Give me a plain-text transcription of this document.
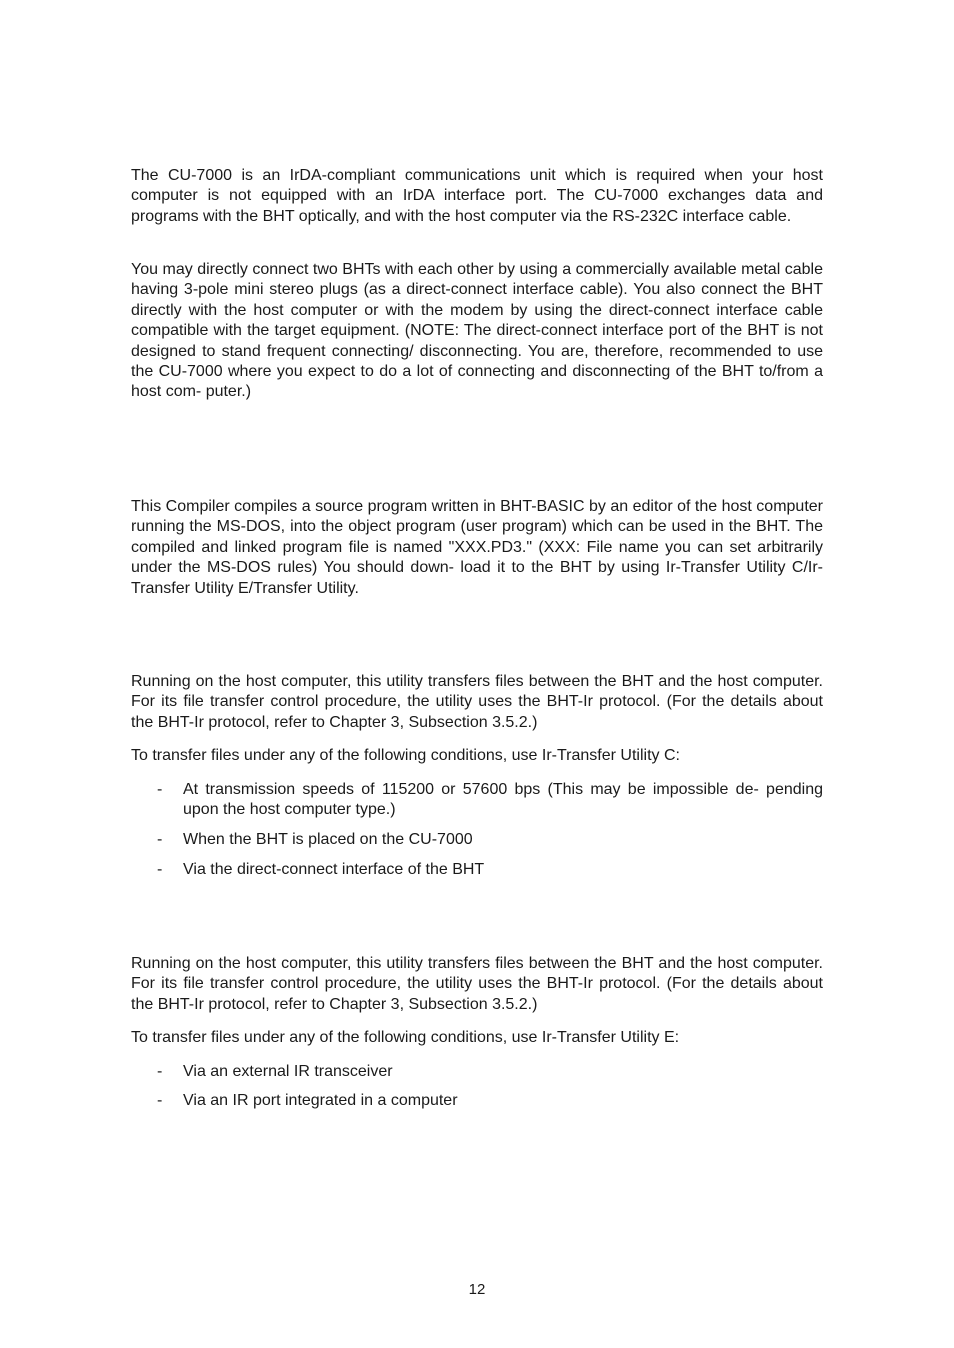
The CU-7000 is an IrDA-compliant communications unit which is required when your host computer is not equipped with an IrDA interface port. The CU-7000 exchanges data and programs with the BHT optically, and with the host computer via the RS-232C interface cable.

You may directly connect two BHTs with each other by using a commercially available metal cable having 3-pole mini stereo plugs (as a direct-connect interface cable). You also connect the BHT directly with the host computer or with the modem by using the direct-connect interface cable compatible with the target equipment. (NOTE: The direct-connect interface port of the BHT is not designed to stand frequent connecting/ disconnecting. You are, therefore, recommended to use the CU-7000 where you expect to do a lot of connecting and disconnecting of the BHT to/from a host com- puter.)

This Compiler compiles a source program written in BHT-BASIC by an editor of the host computer running the MS-DOS, into the object program (user program) which can be used in the BHT. The compiled and linked program file is named "XXX.PD3." (XXX: File name you can set arbitrarily under the MS-DOS rules) You should down- load it to the BHT by using Ir-Transfer Utility C/Ir-Transfer Utility E/Transfer Utility.

Running on the host computer, this utility transfers files between the BHT and the host computer. For its file transfer control procedure, the utility uses the BHT-Ir protocol. (For the details about the BHT-Ir protocol, refer to Chapter 3, Subsection 3.5.2.)

To transfer files under any of the following conditions, use Ir-Transfer Utility C:

- At transmission speeds of 115200 or 57600 bps (This may be impossible de- pending upon the host computer type.)
- When the BHT is placed on the CU-7000
- Via the direct-connect interface of the BHT

Running on the host computer, this utility transfers files between the BHT and the host computer. For its file transfer control procedure, the utility uses the BHT-Ir protocol. (For the details about the BHT-Ir protocol, refer to Chapter 3, Subsection 3.5.2.)

To transfer files under any of the following conditions, use Ir-Transfer Utility E:

- Via an external IR transceiver
- Via an IR port integrated in a computer
12
